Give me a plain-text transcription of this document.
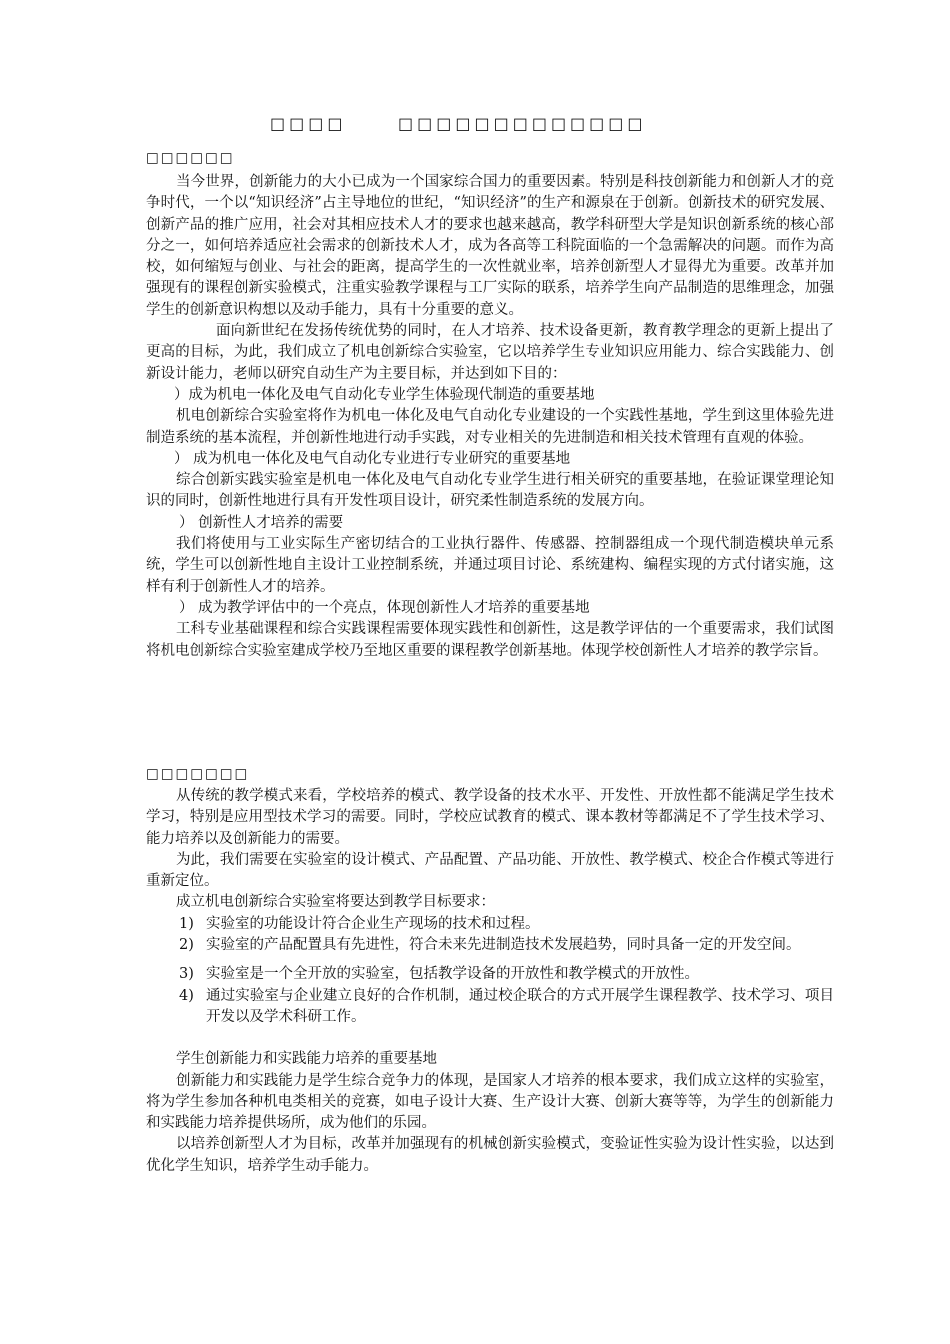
□□□□	□□□□□□□□□□□□□
□□□□□□

当今世界，创新能力的大小已成为一个国家综合国力的重要因素。特别是科技创新能力和创新人才的竞争时代，一个以“知识经济”占主导地位的世纪，“知识经济”的生产和源泉在于创新。创新技术的研究发展、创新产品的推广应用，社会对其相应技术人才的要求也越来越高，教学科研型大学是知识创新系统的核心部分之一，如何培养适应社会需求的创新技术人才，成为各高等工科院面临的一个急需解决的问题。而作为高校，如何缩短与创业、与社会的距离，提高学生的一次性就业率，培养创新型人才显得尤为重要。改革并加强现有的课程创新实验模式，注重实验教学课程与工厂实际的联系，培养学生向产品制造的思维理念，加强学生的创新意识构想以及动手能力，具有十分重要的意义。

面向新世纪在发扬传统优势的同时，在人才培养、技术设备更新，教育教学理念的更新上提出了更高的目标，为此，我们成立了机电创新综合实验室，它以培养学生专业知识应用能力、综合实践能力、创新设计能力，老师以研究自动生产为主要目标，并达到如下目的：

）成为机电一体化及电气自动化专业学生体验现代制造的重要基地

机电创新综合实验室将作为机电一体化及电气自动化专业建设的一个实践性基地，学生到这里体验先进制造系统的基本流程，并创新性地进行动手实践，对专业相关的先进制造和相关技术管理有直观的体验。

） 成为机电一体化及电气自动化专业进行专业研究的重要基地

综合创新实践实验室是机电一体化及电气自动化专业学生进行相关研究的重要基地，在验证课堂理论知识的同时，创新性地进行具有开发性项目设计，研究柔性制造系统的发展方向。

） 创新性人才培养的需要

我们将使用与工业实际生产密切结合的工业执行器件、传感器、控制器组成一个现代制造模块单元系统，学生可以创新性地自主设计工业控制系统，并通过项目讨论、系统建构、编程实现的方式付诸实施，这样有利于创新性人才的培养。

） 成为教学评估中的一个亮点，体现创新性人才培养的重要基地

工科专业基础课程和综合实践课程需要体现实践性和创新性，这是教学评估的一个重要需求，我们试图将机电创新综合实验室建成学校乃至地区重要的课程教学创新基地。体现学校创新性人才培养的教学宗旨。

□□□□□□□

从传统的教学模式来看，学校培养的模式、教学设备的技术水平、开发性、开放性都不能满足学生技术学习，特别是应用型技术学习的需要。同时，学校应试教育的模式、课本教材等都满足不了学生技术学习、能力培养以及创新能力的需要。

为此，我们需要在实验室的设计模式、产品配置、产品功能、开放性、教学模式、校企合作模式等进行重新定位。

成立机电创新综合实验室将要达到教学目标要求：

1) 实验室的功能设计符合企业生产现场的技术和过程。
2) 实验室的产品配置具有先进性，符合未来先进制造技术发展趋势，同时具备一定的开发空间。
3) 实验室是一个全开放的实验室，包括教学设备的开放性和教学模式的开放性。
4) 通过实验室与企业建立良好的合作机制，通过校企联合的方式开展学生课程教学、技术学习、项目开发以及学术科研工作。

学生创新能力和实践能力培养的重要基地

创新能力和实践能力是学生综合竞争力的体现，是国家人才培养的根本要求，我们成立这样的实验室，将为学生参加各种机电类相关的竞赛，如电子设计大赛、生产设计大赛、创新大赛等等，为学生的创新能力和实践能力培养提供场所，成为他们的乐园。

以培养创新型人才为目标，改革并加强现有的机械创新实验模式，变验证性实验为设计性实验，以达到优化学生知识，培养学生动手能力。
